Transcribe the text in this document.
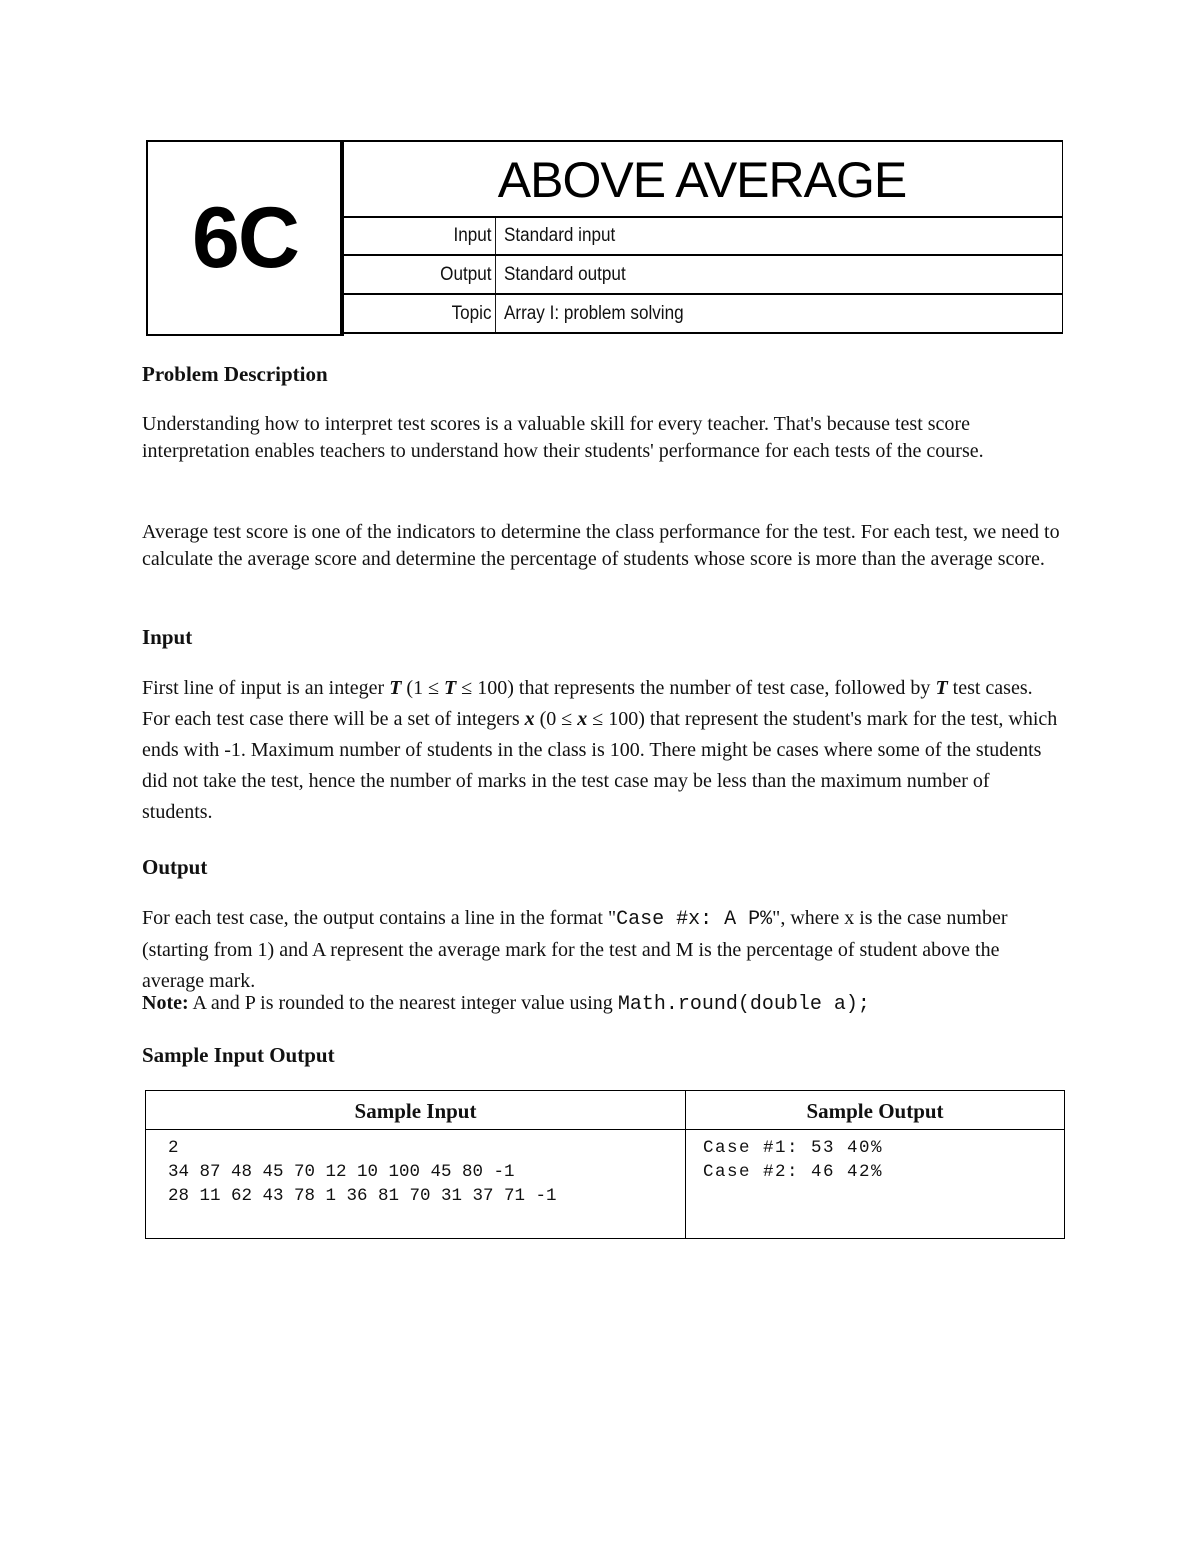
6C
ABOVE AVERAGE
Input Standard input
Output Standard output
Topic Array I: problem solving
Problem Description
Understanding how to interpret test scores is a valuable skill for every teacher. That's because test score interpretation enables teachers to understand how their students' performance for each tests of the course.
Average test score is one of the indicators to determine the class performance for the test. For each test, we need to calculate the average score and determine the percentage of students whose score is more than the average score.
Input
First line of input is an integer T (1 ≤ T ≤ 100) that represents the number of test case, followed by T test cases. For each test case there will be a set of integers x (0 ≤ x ≤ 100) that represent the student's mark for the test, which ends with -1. Maximum number of students in the class is 100. There might be cases where some of the students did not take the test, hence the number of marks in the test case may be less than the maximum number of students.
Output
For each test case, the output contains a line in the format "Case #x: A P%", where x is the case number (starting from 1) and A represent the average mark for the test and M is the percentage of student above the average mark.
Note: A and P is rounded to the nearest integer value using Math.round(double a);
Sample Input Output
Sample Input
2
34 87 48 45 70 12 10 100 45 80 -1
28 11 62 43 78 1 36 81 70 31 37 71 -1
Sample Output
Case #1: 53 40%
Case #2: 46 42%
